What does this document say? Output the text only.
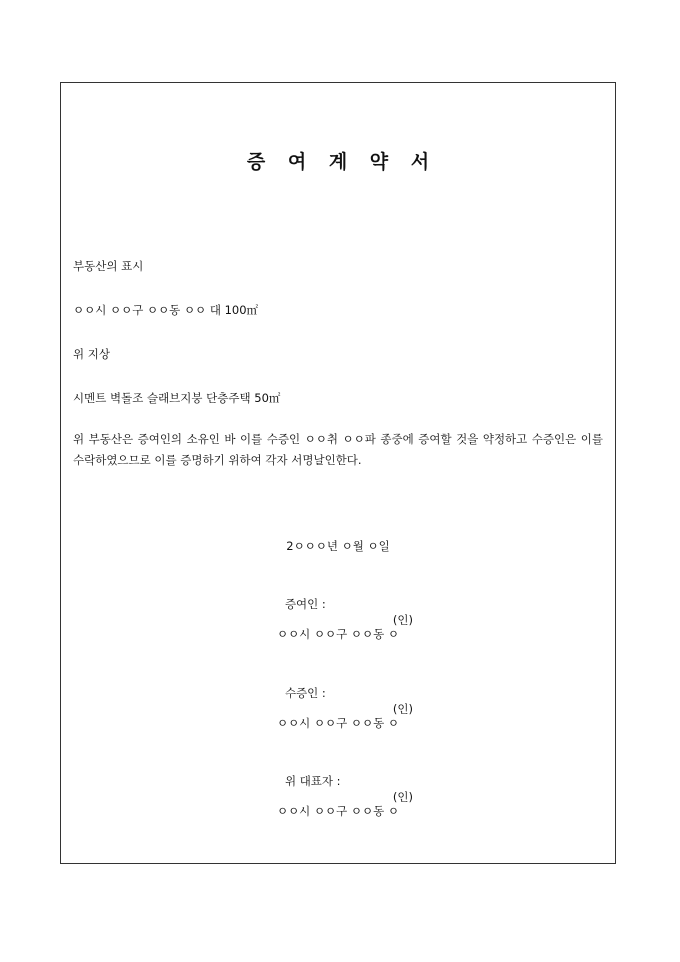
증 여 계 약 서
부동산의 표시
ㅇㅇ시 ㅇㅇ구 ㅇㅇ동 ㅇㅇ 대 100㎡
위 지상
시멘트 벽돌조 슬래브지붕 단층주택 50㎡
위 부동산은 증여인의 소유인 바 이를 수증인 ㅇㅇ취 ㅇㅇ파 종중에 증여할 것을 약정하고 수증인은 이를 수락하였으므로 이를 증명하기 위하여 각자 서명날인한다.
2ㅇㅇㅇ년 ㅇ월 ㅇ일

증여인 :

(인)

ㅇㅇ시 ㅇㅇ구 ㅇㅇ동 ㅇ

수증인 :

(인)

ㅇㅇ시 ㅇㅇ구 ㅇㅇ동 ㅇ

위 대표자 :

(인)

ㅇㅇ시 ㅇㅇ구 ㅇㅇ동 ㅇ
